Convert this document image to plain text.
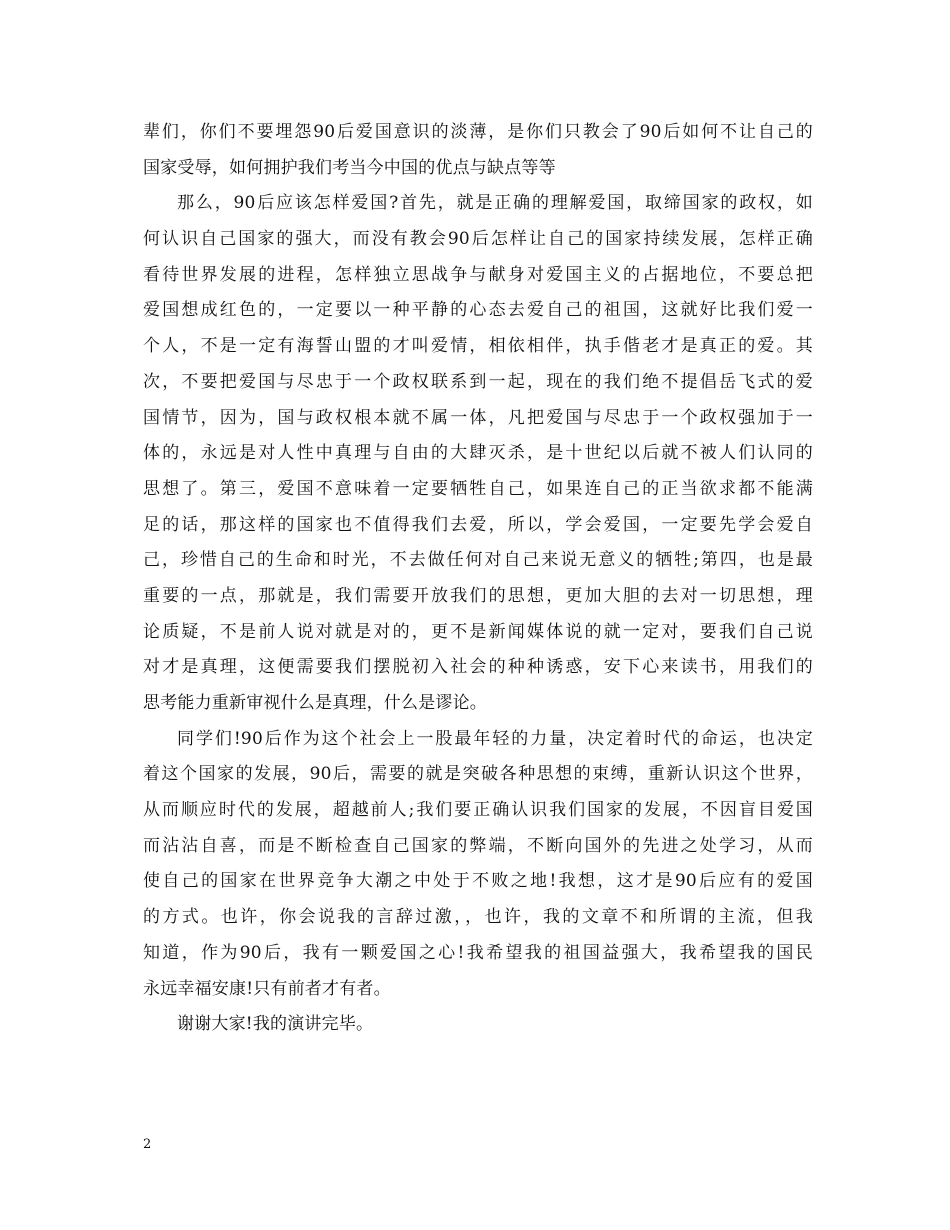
辈们，你们不要埋怨90后爱国意识的淡薄，是你们只教会了90后如何不让自己的
国家受辱，如何拥护我们考当今中国的优点与缺点等等
那么，90后应该怎样爱国?首先，就是正确的理解爱国，取缔国家的政权，如
何认识自己国家的强大，而没有教会90后怎样让自己的国家持续发展，怎样正确
看待世界发展的进程，怎样独立思战争与献身对爱国主义的占据地位，不要总把
爱国想成红色的，一定要以一种平静的心态去爱自己的祖国，这就好比我们爱一
个人，不是一定有海誓山盟的才叫爱情，相依相伴，执手偕老才是真正的爱。其
次，不要把爱国与尽忠于一个政权联系到一起，现在的我们绝不提倡岳飞式的爱
国情节，因为，国与政权根本就不属一体，凡把爱国与尽忠于一个政权强加于一
体的，永远是对人性中真理与自由的大肆灭杀，是十世纪以后就不被人们认同的
思想了。第三，爱国不意味着一定要牺牲自己，如果连自己的正当欲求都不能满
足的话，那这样的国家也不值得我们去爱，所以，学会爱国，一定要先学会爱自
己，珍惜自己的生命和时光，不去做任何对自己来说无意义的牺牲;第四，也是最
重要的一点，那就是，我们需要开放我们的思想，更加大胆的去对一切思想，理
论质疑，不是前人说对就是对的，更不是新闻媒体说的就一定对，要我们自己说
对才是真理，这便需要我们摆脱初入社会的种种诱惑，安下心来读书，用我们的
思考能力重新审视什么是真理，什么是谬论。
同学们!90后作为这个社会上一股最年轻的力量，决定着时代的命运，也决定
着这个国家的发展，90后，需要的就是突破各种思想的束缚，重新认识这个世界，
从而顺应时代的发展，超越前人;我们要正确认识我们国家的发展，不因盲目爱国
而沾沾自喜，而是不断检查自己国家的弊端，不断向国外的先进之处学习，从而
使自己的国家在世界竞争大潮之中处于不败之地!我想，这才是90后应有的爱国
的方式。也许，你会说我的言辞过激，，也许，我的文章不和所谓的主流，但我
知道，作为90后，我有一颗爱国之心!我希望我的祖国益强大，我希望我的国民
永远幸福安康!只有前者才有者。
谢谢大家!我的演讲完毕。
2
